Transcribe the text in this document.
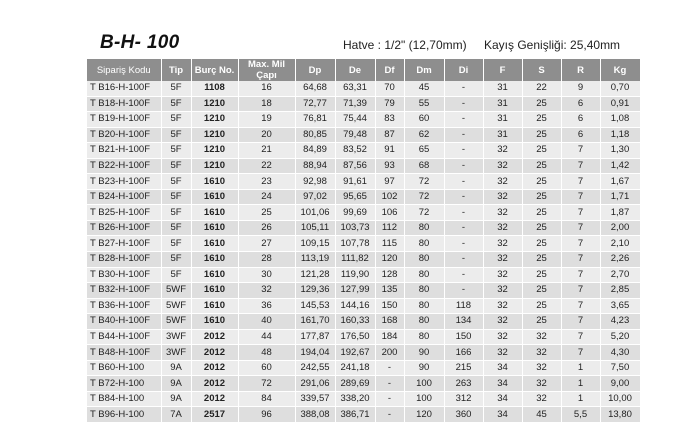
B-H- 100	Hatve : 1/2" (12,70mm) Kayış Genişliği: 25,40mm
Sipariş Kodu	Tip	Burç No.	Max. Mil Çapı	Dp	De	Df	Dm	Di	F	S	R	Kg
T B16-H-100F	5F	1108	16	64,68	63,31	70	45	-	31	22	9	0,70
T B18-H-100F	5F	1210	18	72,77	71,39	79	55	-	31	25	6	0,91
T B19-H-100F	5F	1210	19	76,81	75,44	83	60	-	31	25	6	1,08
T B20-H-100F	5F	1210	20	80,85	79,48	87	62	-	31	25	6	1,18
T B21-H-100F	5F	1210	21	84,89	83,52	91	65	-	32	25	7	1,30
T B22-H-100F	5F	1210	22	88,94	87,56	93	68	-	32	25	7	1,42
T B23-H-100F	5F	1610	23	92,98	91,61	97	72	-	32	25	7	1,67
T B24-H-100F	5F	1610	24	97,02	95,65	102	72	-	32	25	7	1,71
T B25-H-100F	5F	1610	25	101,06	99,69	106	72	-	32	25	7	1,87
T B26-H-100F	5F	1610	26	105,11	103,73	112	80	-	32	25	7	2,00
T B27-H-100F	5F	1610	27	109,15	107,78	115	80	-	32	25	7	2,10
T B28-H-100F	5F	1610	28	113,19	111,82	120	80	-	32	25	7	2,26
T B30-H-100F	5F	1610	30	121,28	119,90	128	80	-	32	25	7	2,70
T B32-H-100F	5WF	1610	32	129,36	127,99	135	80	-	32	25	7	2,85
T B36-H-100F	5WF	1610	36	145,53	144,16	150	80	118	32	25	7	3,65
T B40-H-100F	5WF	1610	40	161,70	160,33	168	80	134	32	25	7	4,23
T B44-H-100F	3WF	2012	44	177,87	176,50	184	80	150	32	32	7	5,20
T B48-H-100F	3WF	2012	48	194,04	192,67	200	90	166	32	32	7	4,30
T B60-H-100	9A	2012	60	242,55	241,18	-	90	215	34	32	1	7,50
T B72-H-100	9A	2012	72	291,06	289,69	-	100	263	34	32	1	9,00
T B84-H-100	9A	2012	84	339,57	338,20	-	100	312	34	32	1	10,00
T B96-H-100	7A	2517	96	388,08	386,71	-	120	360	34	45	5,5	13,80
